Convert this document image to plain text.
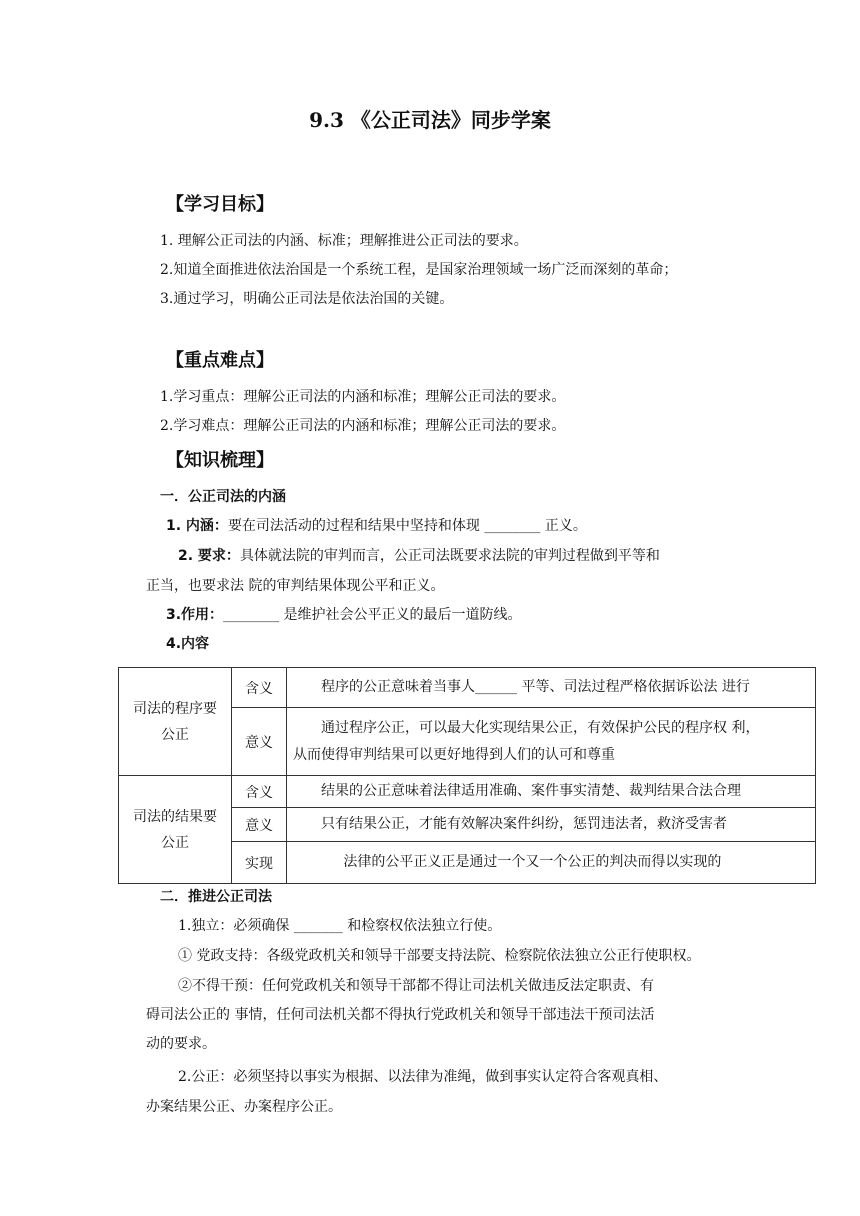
9.3 《公正司法》同步学案
【学习目标】
1. 理解公正司法的内涵、标准；理解推进公正司法的要求。
2.知道全面推进依法治国是一个系统工程，是国家治理领域一场广泛而深刻的革命；
3.通过学习，明确公正司法是依法治国的关键。
【重点难点】
1.学习重点：理解公正司法的内涵和标准；理解公正司法的要求。
2.学习难点：理解公正司法的内涵和标准；理解公正司法的要求。
【知识梳理】
一．公正司法的内涵
1. 内涵：要在司法活动的过程和结果中坚持和体现 ________ 正义。
2. 要求：具体就法院的审判而言，公正司法既要求法院的审判过程做到平等和
正当，也要求法 院的审判结果体现公平和正义。
3.作用：________ 是维护社会公平正义的最后一道防线。
4.内容
司法的程序要
公正	含义	程序的公正意味着当事人______ 平等、司法过程严格依据诉讼法 进行

	意义	通过程序公正，可以最大化实现结果公正，有效保护公民的程序权 利，
从而使得审判结果可以更好地得到人们的认可和尊重

司法的结果要
公正	含义	结果的公正意味着法律适用准确、案件事实清楚、裁判结果合法合理

	意义	只有结果公正，才能有效解决案件纠纷，惩罚违法者，救济受害者

	实现	法律的公平正义正是通过一个又一个公正的判决而得以实现的
二．推进公正司法
1.独立：必须确保 _______ 和检察权依法独立行使。
① 党政支持：各级党政机关和领导干部要支持法院、检察院依法独立公正行使职权。
②不得干预：任何党政机关和领导干部都不得让司法机关做违反法定职责、有
碍司法公正的 事情，任何司法机关都不得执行党政机关和领导干部违法干预司法活
动的要求。
2.公正：必须坚持以事实为根据、以法律为准绳，做到事实认定符合客观真相、
办案结果公正、办案程序公正。
